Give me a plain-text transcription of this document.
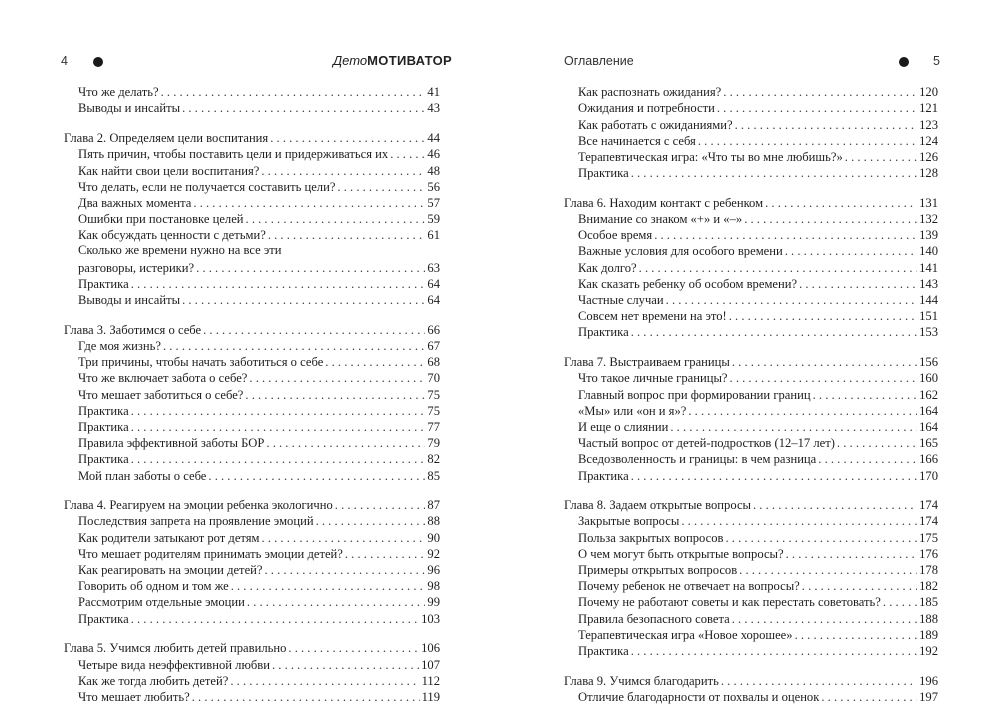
4	ДетоМОТИВАТОР
Что же делать? . . .	41
Выводы и инсайты . . .	43
Глава 2. Определяем цели воспитания . . .	44
Пять причин, чтобы поставить цели и придерживаться их . . .	46
Как найти свои цели воспитания? . . .	48
Что делать, если не получается составить цели? . . .	56
Два важных момента . . .	57
Ошибки при постановке целей . . .	59
Как обсуждать ценности с детьми? . . .	61
Сколько же времени нужно на все эти
разговоры, истерики? . . .	63
Практика . . .	64
Выводы и инсайты . . .	64
Глава 3. Заботимся о себе . . .	66
Где моя жизнь? . . .	67
Три причины, чтобы начать заботиться о себе . . .	68
Что же включает забота о себе? . . .	70
Что мешает заботиться о себе? . . .	75
Практика . . .	75
Практика . . .	77
Правила эффективной заботы БОР . . .	79
Практика . . .	82
Мой план заботы о себе . . .	85
Глава 4. Реагируем на эмоции ребенка экологично . . .	87
Последствия запрета на проявление эмоций . . .	88
Как родители затыкают рот детям . . .	90
Что мешает родителям принимать эмоции детей? . . .	92
Как реагировать на эмоции детей? . . .	96
Говорить об одном и том же . . .	98
Рассмотрим отдельные эмоции . . .	99
Практика . . .	103
Глава 5. Учимся любить детей правильно . . .	106
Четыре вида неэффективной любви . . .	107
Как же тогда любить детей? . . .	112
Что мешает любить? . . .	119
Оглавление	5
Как распознать ожидания? . . .	120
Ожидания и потребности . . .	121
Как работать с ожиданиями? . . .	123
Все начинается с себя . . .	124
Терапевтическая игра: «Что ты во мне любишь?» . . .	126
Практика . . .	128
Глава 6. Находим контакт с ребенком . . .	131
Внимание со знаком «+» и «–» . . .	132
Особое время . . .	139
Важные условия для особого времени . . .	140
Как долго? . . .	141
Как сказать ребенку об особом времени? . . .	143
Частные случаи . . .	144
Совсем нет времени на это! . . .	151
Практика . . .	153
Глава 7. Выстраиваем границы . . .	156
Что такое личные границы? . . .	160
Главный вопрос при формировании границ . . .	162
«Мы» или «он и я»? . . .	164
И еще о слиянии . . .	164
Частый вопрос от детей-подростков (12–17 лет) . . .	165
Вседозволенность и границы: в чем разница . . .	166
Практика . . .	170
Глава 8. Задаем открытые вопросы . . .	174
Закрытые вопросы . . .	174
Польза закрытых вопросов . . .	175
О чем могут быть открытые вопросы? . . .	176
Примеры открытых вопросов . . .	178
Почему ребенок не отвечает на вопросы? . . .	182
Почему не работают советы и как перестать советовать? . . .	185
Правила безопасного совета . . .	188
Терапевтическая игра «Новое хорошее» . . .	189
Практика . . .	192
Глава 9. Учимся благодарить . . .	196
Отличие благодарности от похвалы и оценок . . .	197
